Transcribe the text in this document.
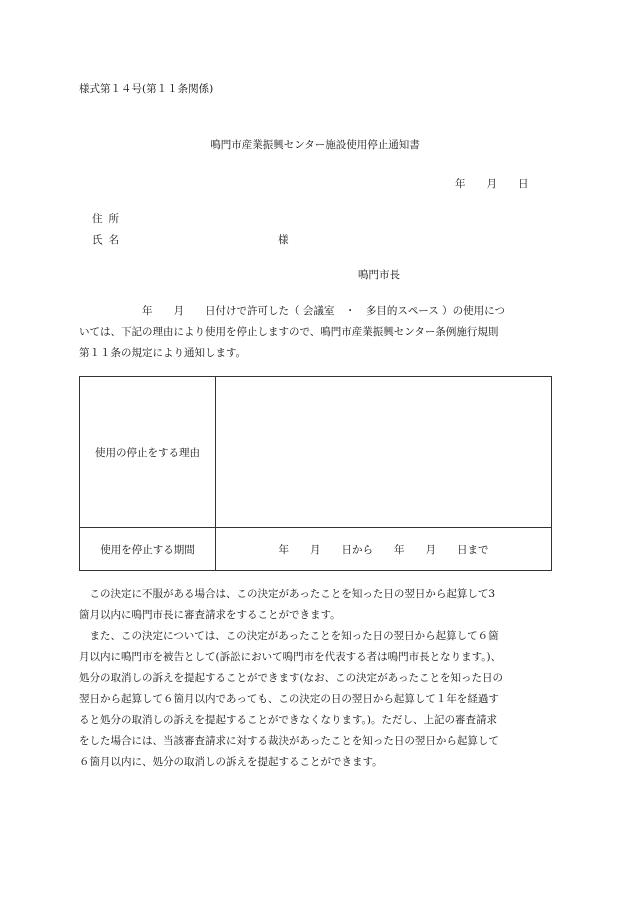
様式第１４号(第１１条関係)
鳴門市産業振興センター施設使用停止通知書
年　　月　　日
住所
氏名	様
鳴門市長

　　　　　　年　　月　　日付けで許可した（ 会議室　・　多目的スペース ）の使用につ

いては、下記の理由により使用を停止しますので、鳴門市産業振興センター条例施行規則

第１１条の規定により通知します。

使用の停止をする理由	
使用を停止する期間	年　　月　　日から　　年　　月　　日まで

　この決定に不服がある場合は、この決定があったことを知った日の翌日から起算して3

箇月以内に鳴門市長に審査請求をすることができます。

　また、この決定については、この決定があったことを知った日の翌日から起算して６箇

月以内に鳴門市を被告として(訴訟において鳴門市を代表する者は鳴門市長となります。)、

処分の取消しの訴えを提起することができます(なお、この決定があったことを知った日の

翌日から起算して６箇月以内であっても、この決定の日の翌日から起算して１年を経過す

ると処分の取消しの訴えを提起することができなくなります。)。ただし、上記の審査請求

をした場合には、当該審査請求に対する裁決があったことを知った日の翌日から起算して

６箇月以内に、処分の取消しの訴えを提起することができます。
